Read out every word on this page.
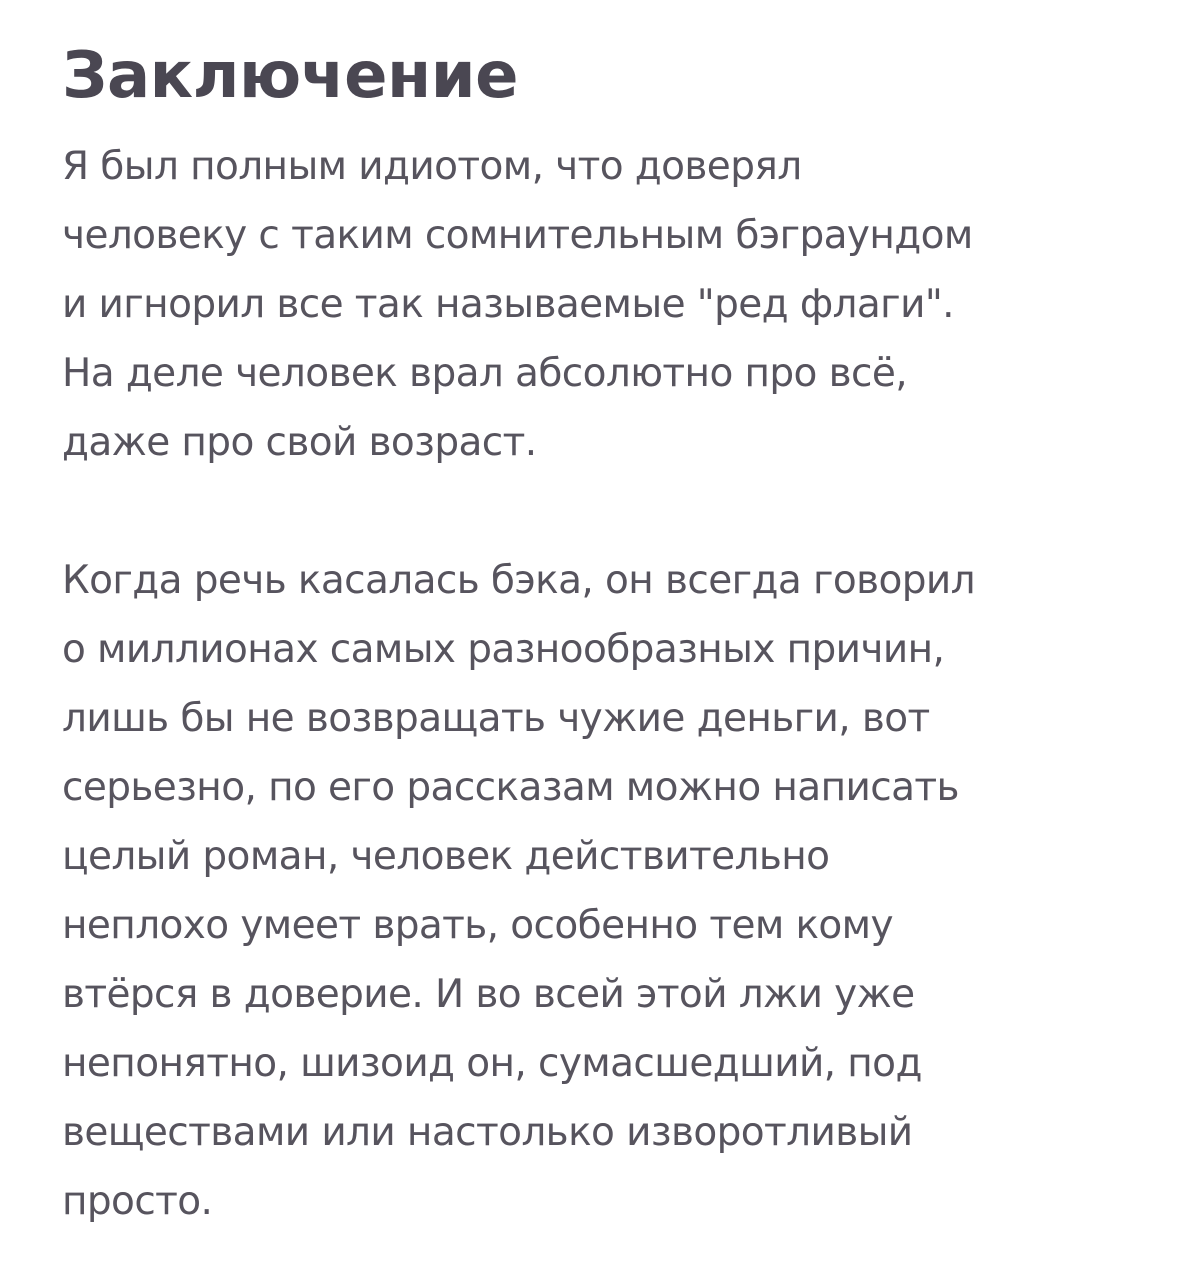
Заключение

Я был полным идиотом, что доверял
человеку с таким сомнительным бэграундом
и игнорил все так называемые "ред флаги".
На деле человек врал абсолютно про всё,
даже про свой возраст.

Когда речь касалась бэка, он всегда говорил
о миллионах самых разнообразных причин,
лишь бы не возвращать чужие деньги, вот
серьезно, по его рассказам можно написать
целый роман, человек действительно
неплохо умеет врать, особенно тем кому
втёрся в доверие. И во всей этой лжи уже
непонятно, шизоид он, сумасшедший, под
веществами или настолько изворотливый
просто.
